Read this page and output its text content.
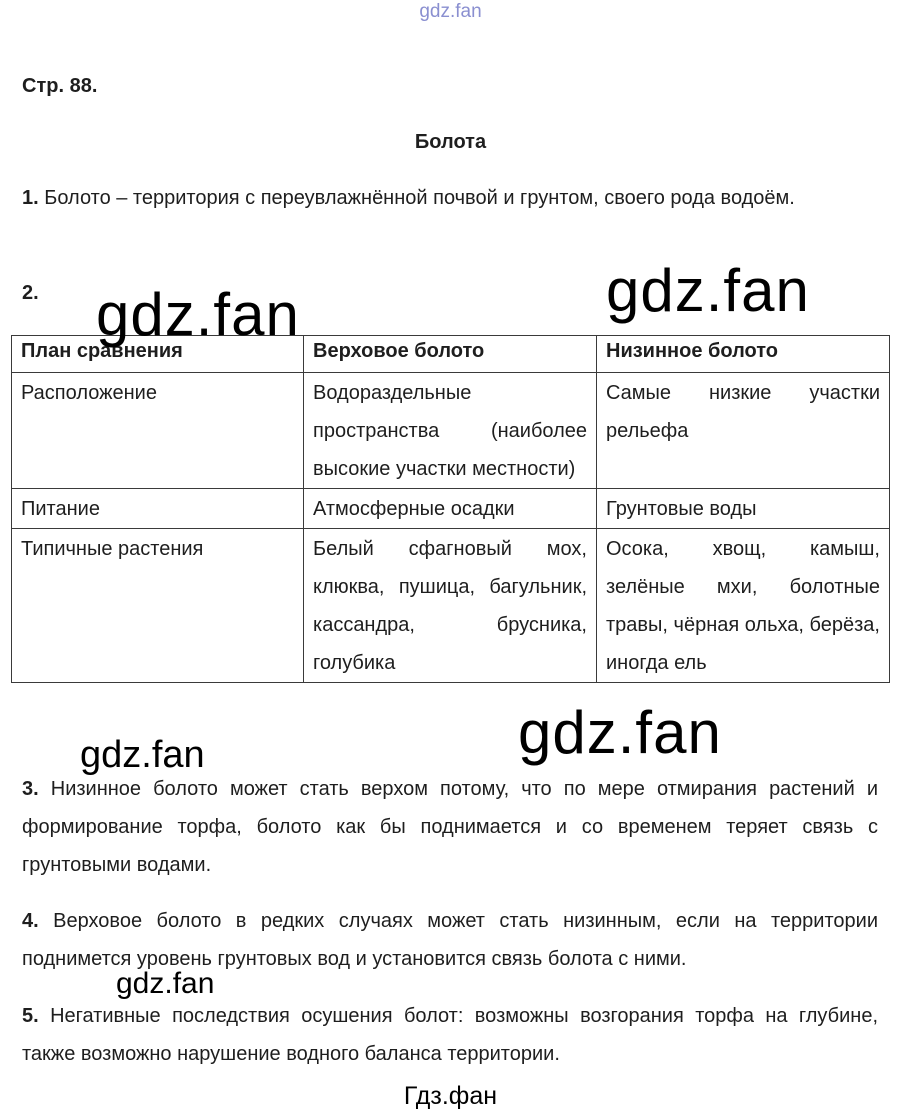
gdz.fan
Стр. 88.
Болота
1. Болото – территория с переувлажнённой почвой и грунтом, своего рода водоём.
2.
План сравнения	Верховое болото	Низинное болото
Расположение	Водораздельные пространства (наиболее высокие участки местности)	Самые низкие участки рельефа
Питание	Атмосферные осадки	Грунтовые воды
Типичные растения	Белый сфагновый мох, клюква, пушица, багульник, кассандра, брусника, голубика	Осока, хвощ, камыш, зелёные мхи, болотные травы, чёрная ольха, берёза, иногда ель
3. Низинное болото может стать верхом потому, что по мере отмирания растений и формирование торфа, болото как бы поднимается и со временем теряет связь с грунтовыми водами.
4. Верховое болото в редких случаях может стать низинным, если на территории поднимется уровень грунтовых вод и установится связь болота с ними.
5. Негативные последствия осушения болот: возможны возгорания торфа на глубине, также возможно нарушение водного баланса территории.
gdz.fan	gdz.fan
gdz.fan
gdz.fan
gdz.fan
Гдз.фан
